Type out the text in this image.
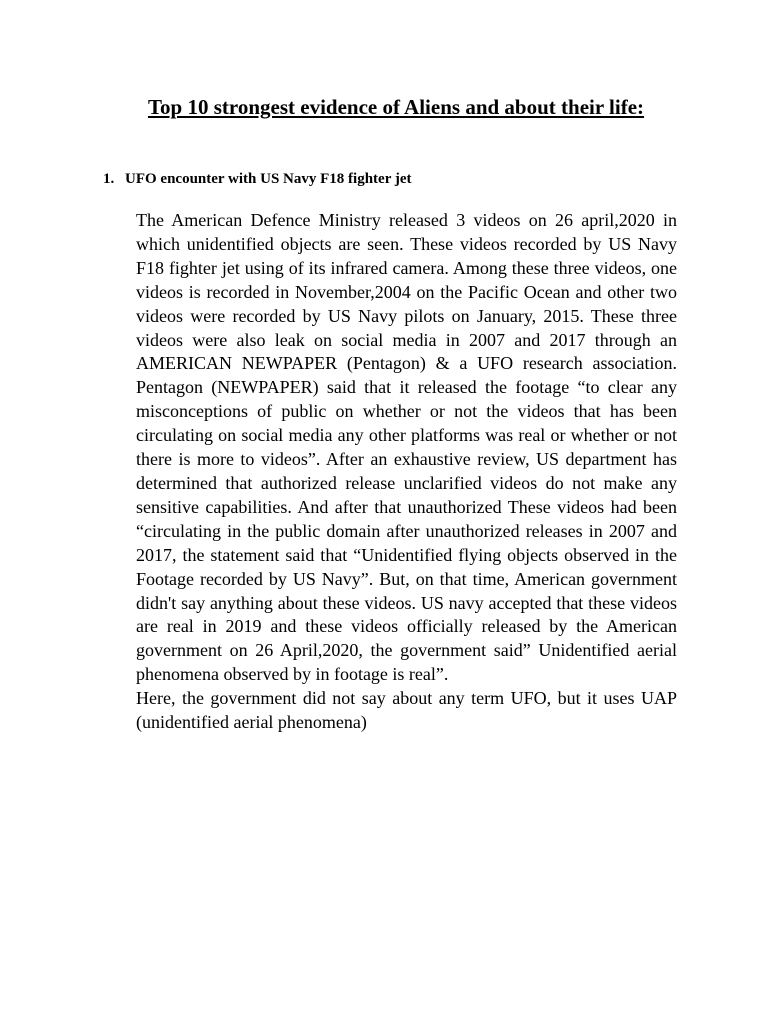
Top 10 strongest evidence of Aliens and about their life:
1. UFO encounter with US Navy F18 fighter jet

The American Defence Ministry released 3 videos on 26 april,2020 in which unidentified objects are seen. These videos recorded by US Navy F18 fighter jet using of its infrared camera. Among these three videos, one videos is recorded in November,2004 on the Pacific Ocean and other two videos were recorded by US Navy pilots on January, 2015. These three videos were also leak on social media in 2007 and 2017 through an AMERICAN NEWPAPER (Pentagon) & a UFO research association. Pentagon (NEWPAPER) said that it released the footage “to clear any misconceptions of public on whether or not the videos that has been circulating on social media any other platforms was real or whether or not there is more to videos”. After an exhaustive review, US department has determined that authorized release unclarified videos do not make any sensitive capabilities. And after that unauthorized These videos had been “circulating in the public domain after unauthorized releases in 2007 and 2017, the statement said that “Unidentified flying objects observed in the Footage recorded by US Navy”. But, on that time, American government didn't say anything about these videos. US navy accepted that these videos are real in 2019 and these videos officially released by the American government on 26 April,2020, the government said” Unidentified aerial phenomena observed by in footage is real”.

Here, the government did not say about any term UFO, but it uses UAP (unidentified aerial phenomena)
